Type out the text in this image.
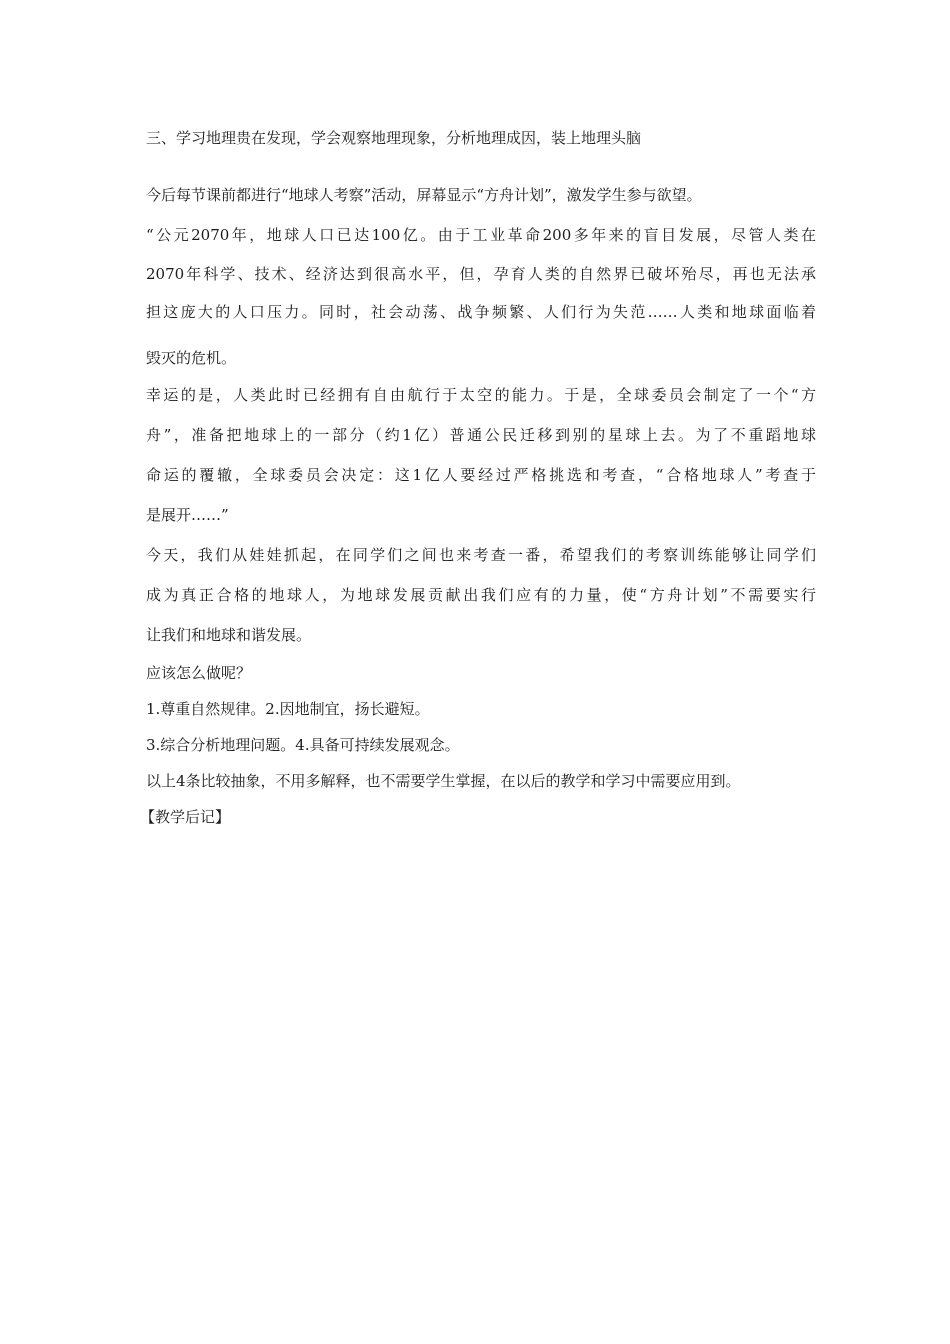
三、学习地理贵在发现，学会观察地理现象，分析地理成因，装上地理头脑
今后每节课前都进行“地球人考察”活动，屏幕显示“方舟计划”，激发学生参与欲望。
“公元2070年，地球人口已达100亿。由于工业革命200多年来的盲目发展，尽管人类在
2070年科学、技术、经济达到很高水平，但，孕育人类的自然界已破坏殆尽，再也无法承
担这庞大的人口压力。同时，社会动荡、战争频繁、人们行为失范……人类和地球面临着
毁灭的危机。
幸运的是，人类此时已经拥有自由航行于太空的能力。于是，全球委员会制定了一个“方
舟”，准备把地球上的一部分（约1亿）普通公民迁移到别的星球上去。为了不重蹈地球
命运的覆辙，全球委员会决定：这1亿人要经过严格挑选和考查，“合格地球人”考查于
是展开……”
今天，我们从娃娃抓起，在同学们之间也来考查一番，希望我们的考察训练能够让同学们
成为真正合格的地球人，为地球发展贡献出我们应有的力量，使“方舟计划”不需要实行
让我们和地球和谐发展。
应该怎么做呢？
1.尊重自然规律。2.因地制宜，扬长避短。
3.综合分析地理问题。4.具备可持续发展观念。
以上4条比较抽象，不用多解释，也不需要学生掌握，在以后的教学和学习中需要应用到。
【教学后记】
